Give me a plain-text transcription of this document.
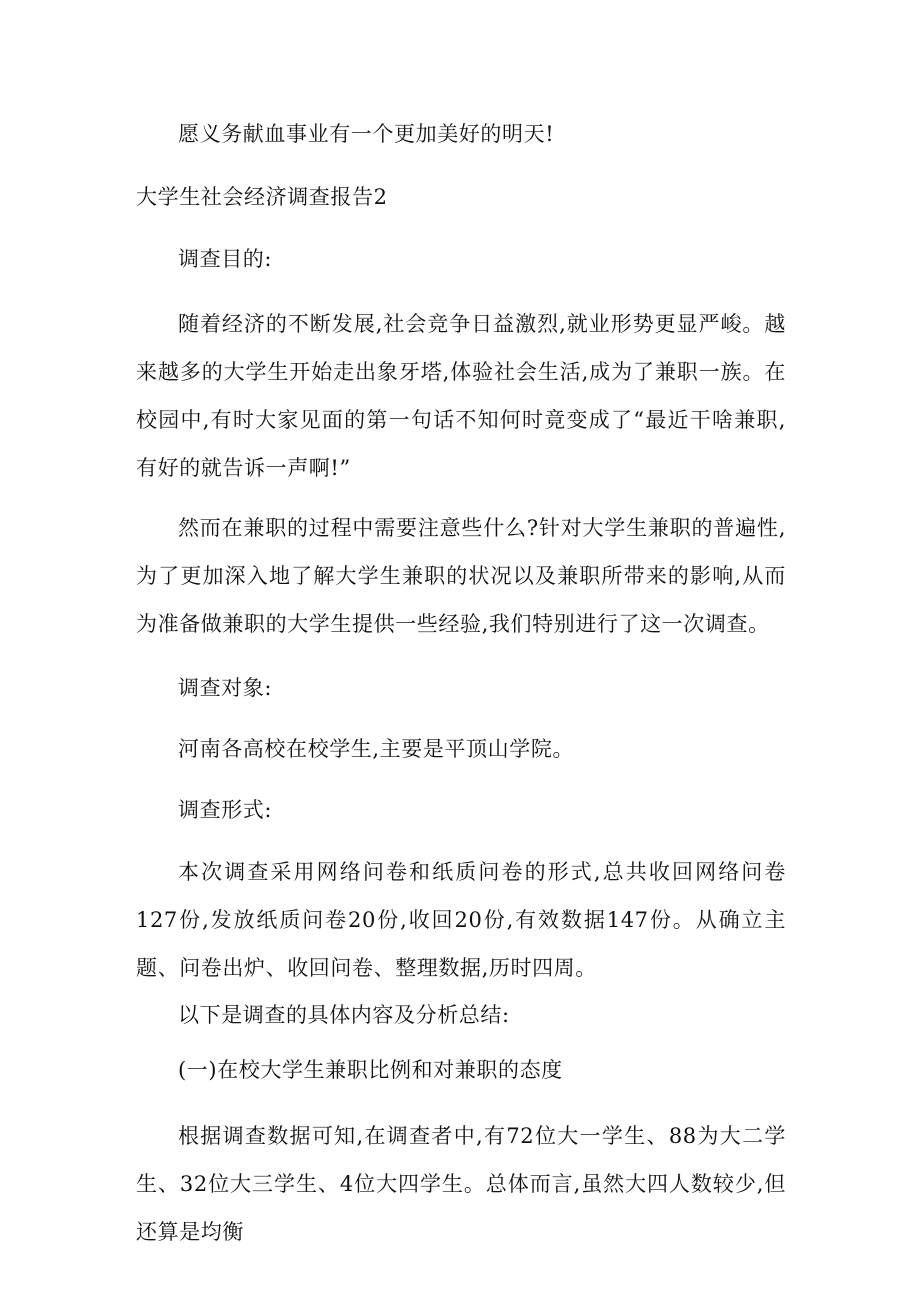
愿义务献血事业有一个更加美好的明天!
大学生社会经济调查报告2
调查目的:
随着经济的不断发展,社会竞争日益激烈,就业形势更显严峻。越来越多的大学生开始走出象牙塔,体验社会生活,成为了兼职一族。在校园中,有时大家见面的第一句话不知何时竟变成了“最近干啥兼职,有好的就告诉一声啊!”
然而在兼职的过程中需要注意些什么?针对大学生兼职的普遍性,为了更加深入地了解大学生兼职的状况以及兼职所带来的影响,从而为准备做兼职的大学生提供一些经验,我们特别进行了这一次调查。
调查对象:
河南各高校在校学生,主要是平顶山学院。
调查形式:
本次调查采用网络问卷和纸质问卷的形式,总共收回网络问卷127份,发放纸质问卷20份,收回20份,有效数据147份。从确立主题、问卷出炉、收回问卷、整理数据,历时四周。
以下是调查的具体内容及分析总结:
(一)在校大学生兼职比例和对兼职的态度
根据调查数据可知,在调查者中,有72位大一学生、88为大二学生、32位大三学生、4位大四学生。总体而言,虽然大四人数较少,但还算是均衡
